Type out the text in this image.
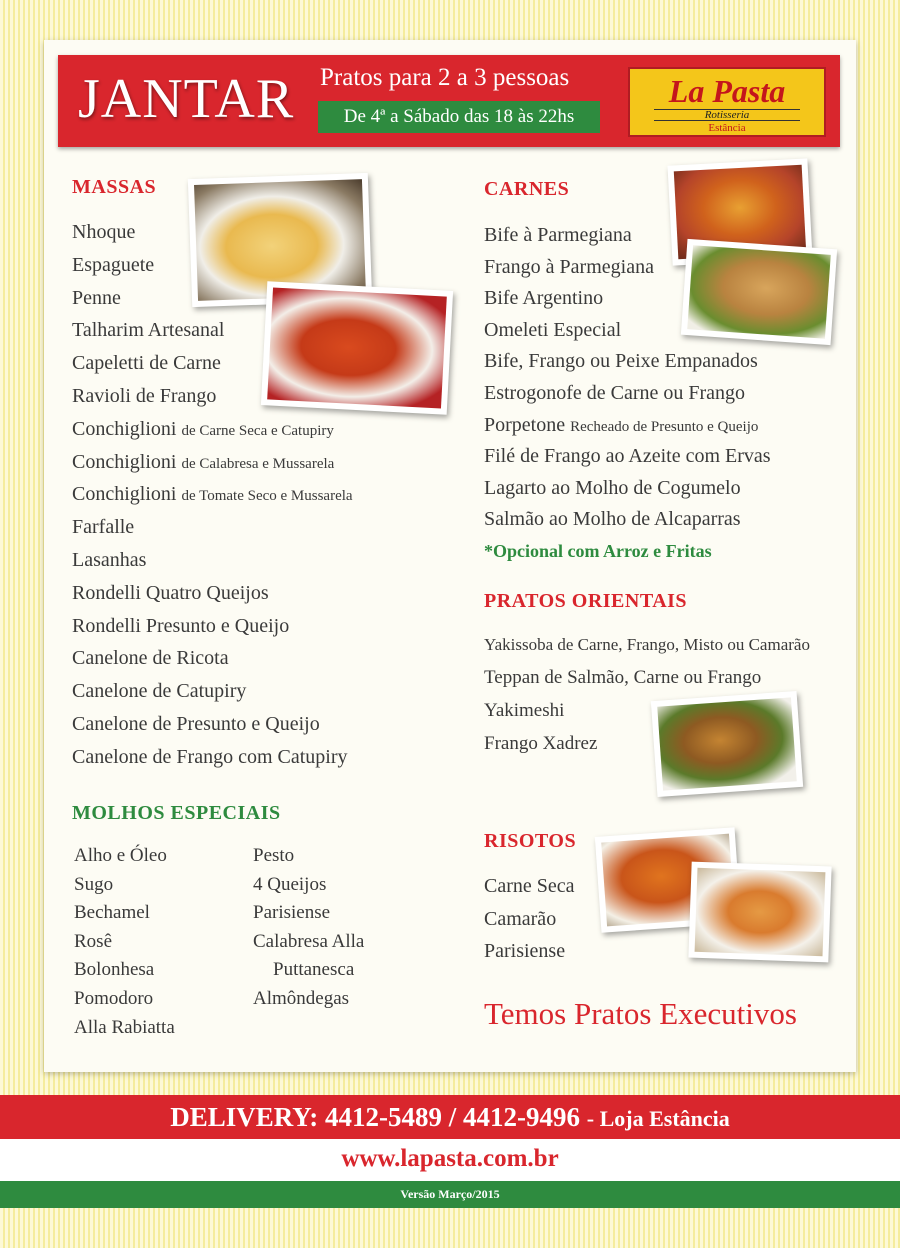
JANTAR Pratos para 2 a 3 pessoas
De 4ª a Sábado das 18 às 22hs
La Pasta
Rotisseria
Estância
MASSAS
Nhoque
Espaguete
Penne
Talharim Artesanal
Capeletti de Carne
Ravioli de Frango
Conchiglioni de Carne Seca e Catupiry
Conchiglioni de Calabresa e Mussarela
Conchiglioni de Tomate Seco e Mussarela
Farfalle
Lasanhas
Rondelli Quatro Queijos
Rondelli Presunto e Queijo
Canelone de Ricota
Canelone de Catupiry
Canelone de Presunto e Queijo
Canelone de Frango com Catupiry
MOLHOS ESPECIAIS
Alho e Óleo
Sugo
Bechamel
Rosê
Bolonhesa
Pomodoro
Alla Rabiatta
Pesto
4 Queijos
Parisiense
Calabresa Alla
Puttanesca
Almôndegas
CARNES
Bife à Parmegiana
Frango à Parmegiana
Bife Argentino
Omeleti Especial
Bife, Frango ou Peixe Empanados
Estrogonofe de Carne ou Frango
Porpetone Recheado de Presunto e Queijo
Filé de Frango ao Azeite com Ervas
Lagarto ao Molho de Cogumelo
Salmão ao Molho de Alcaparras
*Opcional com Arroz e Fritas
PRATOS ORIENTAIS
Yakissoba de Carne, Frango, Misto ou Camarão
Teppan de Salmão, Carne ou Frango
Yakimeshi
Frango Xadrez
RISOTOS
Carne Seca
Camarão
Parisiense
Temos Pratos Executivos
DELIVERY: 4412-5489 / 4412-9496 - Loja Estância
www.lapasta.com.br
Versão Março/2015
